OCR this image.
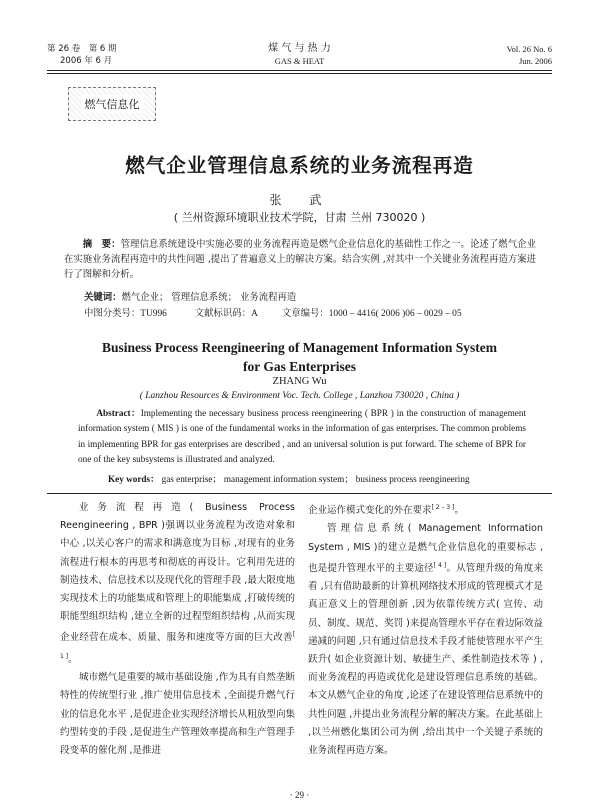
第 26 卷　第 6 期
2006 年 6 月
煤 气 与 热 力
GAS & HEAT
Vol. 26 No. 6
Jun. 2006
燃气信息化
燃气企业管理信息系统的业务流程再造
张　武
( 兰州资源环境职业技术学院，甘肃 兰州 730020 )
摘　要：管理信息系统建设中实施必要的业务流程再造是燃气企业信息化的基础性工作之一。论述了燃气企业在实施业务流程再造中的共性问题 ,提出了普遍意义上的解决方案。结合实例 ,对其中一个关键业务流程再造方案进行了图解和分析。
关键词：燃气企业； 管理信息系统； 业务流程再造
中图分类号：TU996	文献标识码：A	文章编号：1000 – 4416( 2006 )06 – 0029 – 05
Business Process Reengineering of Management Information System
for Gas Enterprises
ZHANG Wu
( Lanzhou Resources & Environment Voc. Tech. College , Lanzhou 730020 , China )
Abstract：Implementing the necessary business process reengineering ( BPR ) in the construction of management information system ( MIS ) is one of the fundamental works in the information of gas enterprises. The common problems in implementing BPR for gas enterprises are described , and an universal solution is put forward. The scheme of BPR for one of the key subsystems is illustrated and analyzed.
Key words： gas enterprise； management information system； business process reengineering

业务流程再造( Business Process Reengineering , BPR )强调以业务流程为改造对象和中心 ,以关心客户的需求和满意度为目标 ,对现有的业务流程进行根本的再思考和彻底的再设计。它利用先进的制造技术、信息技术以及现代化的管理手段 ,最大限度地实现技术上的功能集成和管理上的职能集成 ,打破传统的职能型组织结构 ,建立全新的过程型组织结构 ,从而实现企业经营在成本、质量、服务和速度等方面的巨大改善[ 1 ]。

城市燃气是重要的城市基础设施 ,作为具有自然垄断特性的传统型行业 ,推广使用信息技术 ,全面提升燃气行业的信息化水平 ,是促进企业实现经济增长从粗放型向集约型转变的手段 ,是促进生产管理效率提高和生产管理手段变革的催化剂 ,是推进

企业运作模式变化的外在要求[ 2 – 3 ]。

管理信息系统( Management Information System , MIS )的建立是燃气企业信息化的重要标志 ,也是提升管理水平的主要途径[ 4 ]。从管理升级的角度来看 ,只有借助最新的计算机网络技术形成的管理模式才是真正意义上的管理创新 ,因为依靠传统方式( 宣传、动员、制度、规范、奖罚 )来提高管理水平存在着边际效益递减的问题 ,只有通过信息技术手段才能使管理水平产生跃升( 如企业资源计划、敏捷生产、柔性制造技术等 ) ,而业务流程的再造或优化是建设管理信息系统的基础。本文从燃气企业的角度 ,论述了在建设管理信息系统中的共性问题 ,并提出业务流程分解的解决方案。在此基础上 ,以兰州燃化集团公司为例 ,给出其中一个关键子系统的业务流程再造方案。

· 29 ·
